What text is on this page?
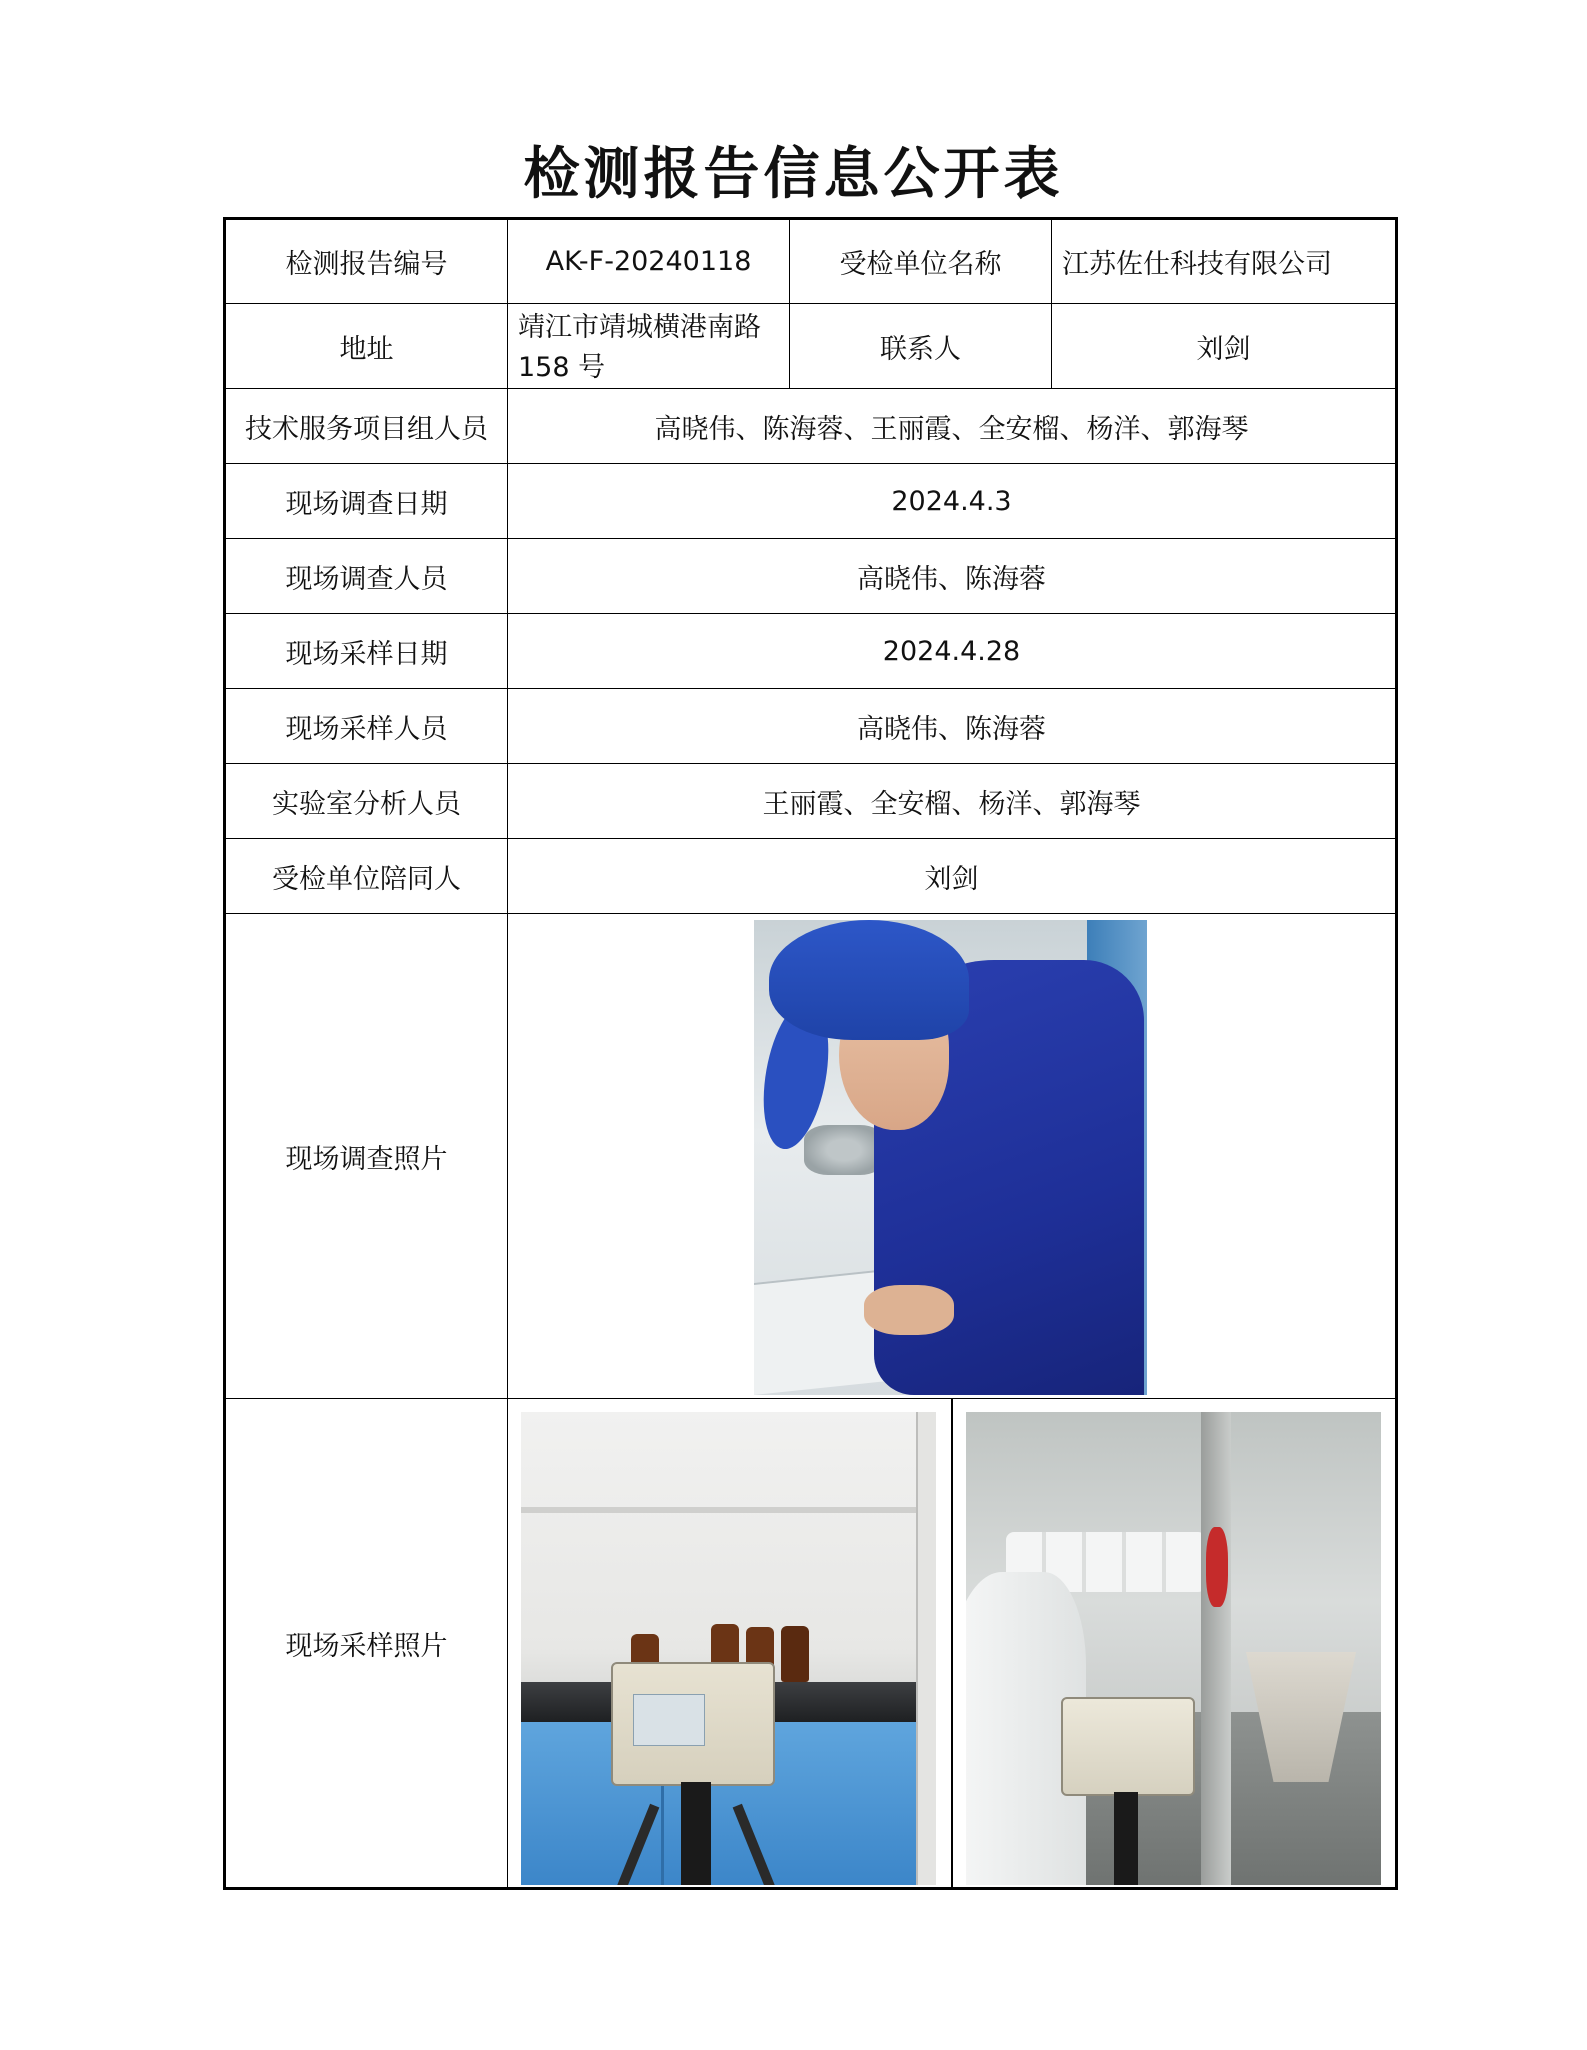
检测报告信息公开表
检测报告编号	AK-F-20240118	受检单位名称	江苏佐仕科技有限公司
地址	靖江市靖城横港南路158 号	联系人	刘剑
技术服务项目组人员	高晓伟、陈海蓉、王丽霞、全安榴、杨洋、郭海琴		
现场调查日期	2024.4.3		
现场调查人员	高晓伟、陈海蓉		
现场采样日期	2024.4.28		
现场采样人员	高晓伟、陈海蓉		
实验室分析人员	王丽霞、全安榴、杨洋、郭海琴		
受检单位陪同人	刘剑		
现场调查照片			

现场采样照片			
